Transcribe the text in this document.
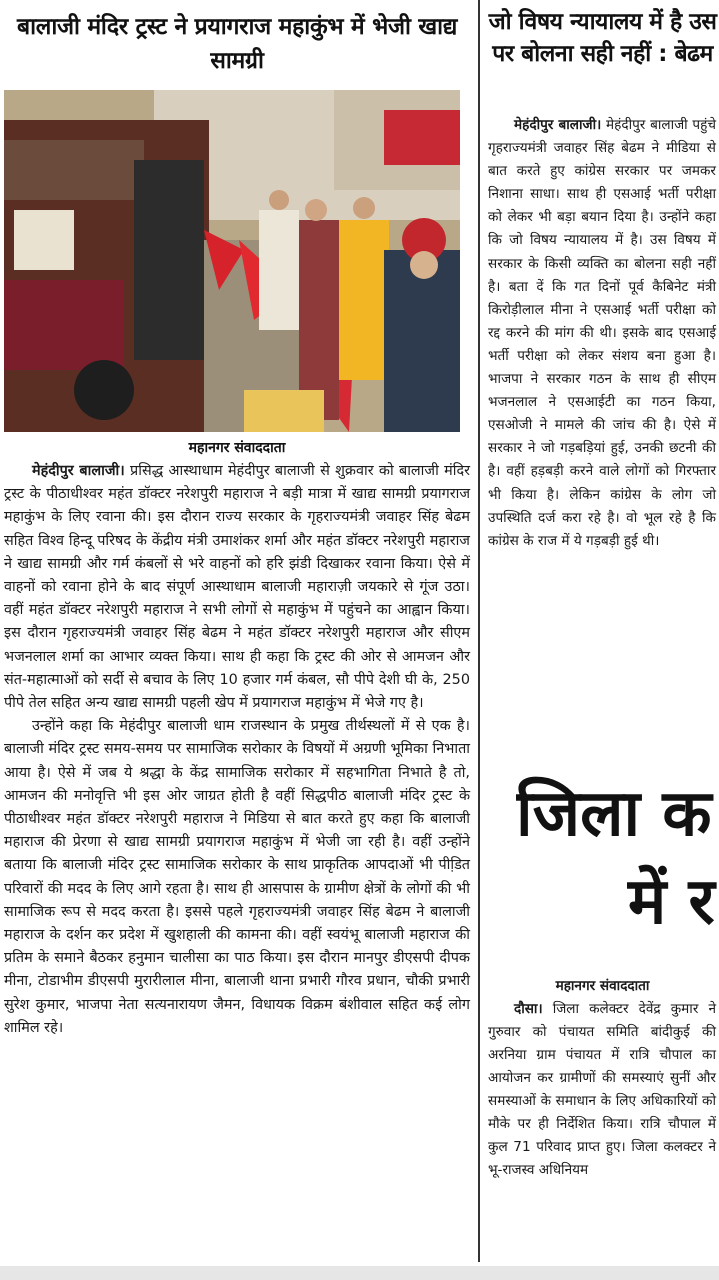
बालाजी मंदिर ट्रस्ट ने प्रयागराज महाकुंभ में भेजी खाद्य सामग्री
महानगर संवाददाता

मेहंदीपुर बालाजी। प्रसिद्ध आस्थाधाम मेहंदीपुर बालाजी से शुक्रवार को बालाजी मंदिर ट्रस्ट के पीठाधीश्वर महंत डॉक्टर नरेशपुरी महाराज ने बड़ी मात्रा में खाद्य सामग्री प्रयागराज महाकुंभ के लिए रवाना की। इस दौरान राज्य सरकार के गृहराज्यमंत्री जवाहर सिंह बेढम सहित विश्व हिन्दू परिषद के केंद्रीय मंत्री उमाशंकर शर्मा और महंत डॉक्टर नरेशपुरी महाराज ने खाद्य सामग्री और गर्म कंबलों से भरे वाहनों को हरि झंडी दिखाकर रवाना किया। ऐसे में वाहनों को रवाना होने के बाद संपूर्ण आस्थाधाम बालाजी महाराज़ी जयकारे से गूंज उठा। वहीं महंत डॉक्टर नरेशपुरी महाराज ने सभी लोगों से महाकुंभ में पहुंचने का आह्वान किया। इस दौरान गृहराज्यमंत्री जवाहर सिंह बेढम ने महंत डॉक्टर नरेशपुरी महाराज और सीएम भजनलाल शर्मा का आभार व्यक्त किया। साथ ही कहा कि ट्रस्ट की ओर से आमजन और संत-महात्माओं को सर्दी से बचाव के लिए 10 हजार गर्म कंबल, सौ पीपे देशी घी के, 250 पीपे तेल सहित अन्य खाद्य सामग्री पहली खेप में प्रयागराज महाकुंभ में भेजे गए है।

उन्होंने कहा कि मेहंदीपुर बालाजी धाम राजस्थान के प्रमुख तीर्थस्थलों में से एक है। बालाजी मंदिर ट्रस्ट समय-समय पर सामाजिक सरोकार के विषयों में अग्रणी भूमिका निभाता आया है। ऐसे में जब ये श्रद्धा के केंद्र सामाजिक सरोकार में सहभागिता निभाते है तो, आमजन की मनोवृत्ति भी इस ओर जाग्रत होती है वहीं सिद्धपीठ बालाजी मंदिर ट्रस्ट के पीठाधीश्वर महंत डॉक्टर नरेशपुरी महाराज ने मिडिया से बात करते हुए कहा कि बालाजी महाराज की प्रेरणा से खाद्य सामग्री प्रयागराज महाकुंभ में भेजी जा रही है। वहीं उन्होंने बताया कि बालाजी मंदिर ट्रस्ट सामाजिक सरोकार के साथ प्राकृतिक आपदाओं भी पीडि़त परिवारों की मदद के लिए आगे रहता है। साथ ही आसपास के ग्रामीण क्षेत्रों के लोगों की भी सामाजिक रूप से मदद करता है। इससे पहले गृहराज्यमंत्री जवाहर सिंह बेढम ने बालाजी महाराज के दर्शन कर प्रदेश में खुशहाली की कामना की। वहीं स्वयंभू बालाजी महाराज की प्रतिम के समाने बैठकर हनुमान चालीसा का पाठ किया। इस दौरान मानपुर डीएसपी दीपक मीना, टोडाभीम डीएसपी मुरारीलाल मीना, बालाजी थाना प्रभारी गौरव प्रधान, चौकी प्रभारी सुरेश कुमार, भाजपा नेता सत्यनारायण जैमन, विधायक विक्रम बंशीवाल सहित कई लोग शामिल रहे।

जो विषय न्यायालय में है उस पर बोलना सही नहीं : बेढम

मेहंदीपुर बालाजी। मेहंदीपुर बालाजी पहुंचे गृहराज्यमंत्री जवाहर सिंह बेढम ने मीडिया से बात करते हुए कांग्रेस सरकार पर जमकर निशाना साधा। साथ ही एसआई भर्ती परीक्षा को लेकर भी बड़ा बयान दिया है। उन्होंने कहा कि जो विषय न्यायालय में है। उस विषय में सरकार के किसी व्यक्ति का बोलना सही नहीं है। बता दें कि गत दिनों पूर्व कैबिनेट मंत्री किरोड़ीलाल मीना ने एसआई भर्ती परीक्षा को रद्द करने की मांग की थी। इसके बाद एसआई भर्ती परीक्षा को लेकर संशय बना हुआ है। भाजपा ने सरकार गठन के साथ ही सीएम भजनलाल ने एसआईटी का गठन किया, एसओजी ने मामले की जांच की है। ऐसे में सरकार ने जो गड़बड़ियां हुई, उनकी छटनी की है। वहीं हड़बड़ी करने वाले लोगों को गिरफ्तार भी किया है। लेकिन कांग्रेस के लोग जो उपस्थिति दर्ज करा रहे है। वो भूल रहे है कि कांग्रेस के राज में ये गड़बड़ी हुई थी।

जिला क
में र
महानगर संवाददाता

दौसा। जिला कलेक्टर देवेंद्र कुमार ने गुरुवार को पंचायत समिति बांदीकुई की अरनिया ग्राम पंचायत में रात्रि चौपाल का आयोजन कर ग्रामीणों की समस्याएं सुनीं और समस्याओं के समाधान के लिए अधिकारियों को मौके पर ही निर्देशित किया। रात्रि चौपाल में कुल 71 परिवाद प्राप्त हुए। जिला कलक्टर ने भू-राजस्व अधिनियम
